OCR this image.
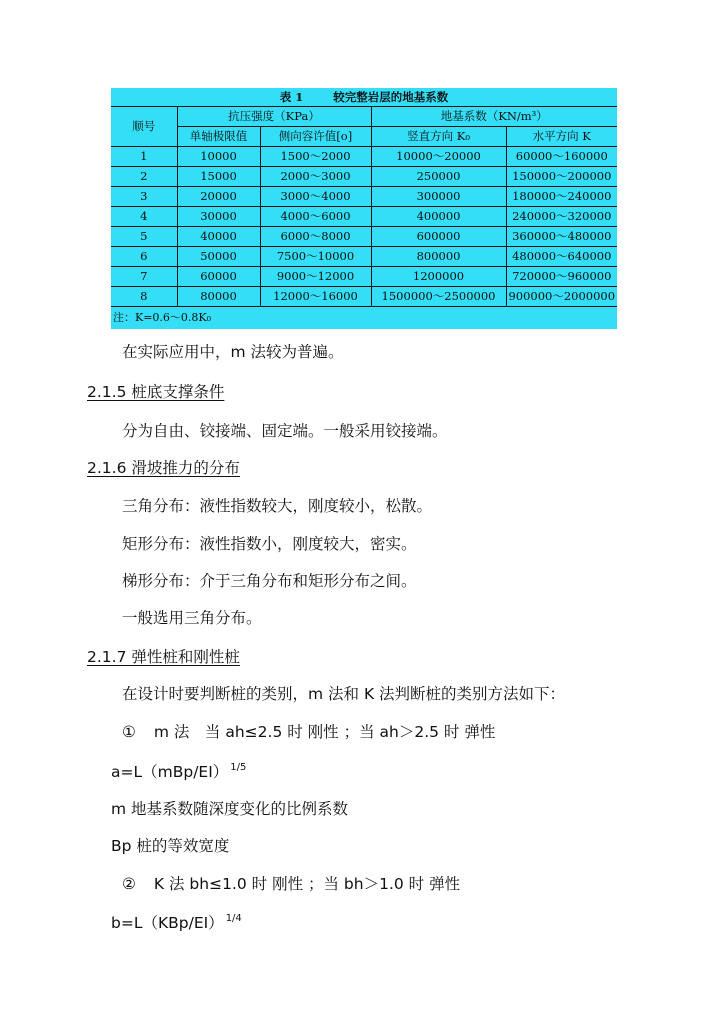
表 1	较完整岩层的地基系数
顺号	抗压强度（KPa）		地基系数（KN/m³）	
	单轴极限值	侧向容许值[ο]	竖直方向 K₀	水平方向 K
1	10000	1500～2000	10000～20000	60000～160000
2	15000	2000～3000	250000	150000～200000
3	20000	3000～4000	300000	180000～240000
4	30000	4000～6000	400000	240000～320000
5	40000	6000～8000	600000	360000～480000
6	50000	7500～10000	800000	480000～640000
7	60000	9000～12000	1200000	720000～960000
8	80000	12000～16000	1500000～2500000	900000～2000000
注：K=0.6～0.8K₀
在实际应用中，m 法较为普遍。
2.1.5 桩底支撑条件
分为自由、铰接端、固定端。一般采用铰接端。
2.1.6 滑坡推力的分布
三角分布：液性指数较大，刚度较小，松散。
矩形分布：液性指数小，刚度较大，密实。
梯形分布：介于三角分布和矩形分布之间。
一般选用三角分布。
2.1.7 弹性桩和刚性桩
在设计时要判断桩的类别，m 法和 K 法判断桩的类别方法如下：
① m 法　当 ah≤2.5 时 刚性 ；当 ah＞2.5 时 弹性
a=L（mBp/EI） $^{1/5}$
m 地基系数随深度变化的比例系数
Bp 桩的等效宽度
② K 法 bh≤1.0 时 刚性 ；当 bh＞1.0 时 弹性
b=L（KBp/EI） $^{1/4}$
